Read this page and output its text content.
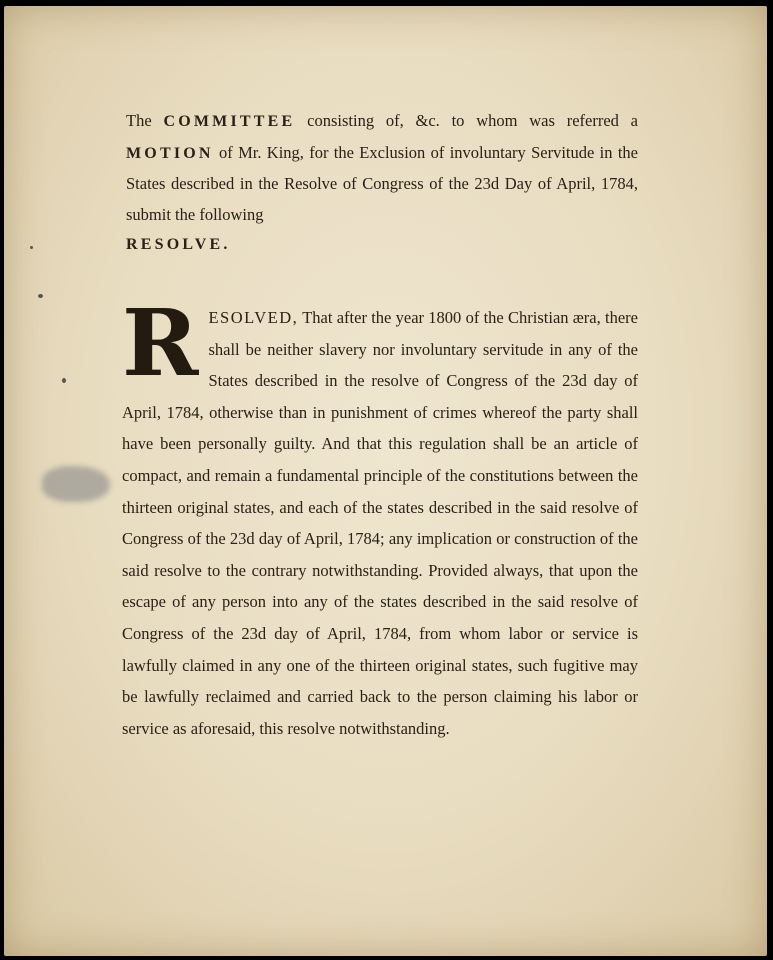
The COMMITTEE consisting of, &c. to whom was referred a MOTION of Mr. King, for the Exclusion of involuntary Servitude in the States described in the Resolve of Congress of the 23d Day of April, 1784, submit the following
RESOLVE.
RESOLVED, That after the year 1800 of the Christian æra, there shall be neither slavery nor involuntary servitude in any of the States described in the resolve of Congress of the 23d day of April, 1784, otherwise than in punishment of crimes whereof the party shall have been personally guilty. And that this regulation shall be an article of compact, and remain a fundamental principle of the constitutions between the thirteen original states, and each of the states described in the said resolve of Congress of the 23d day of April, 1784; any implication or construction of the said resolve to the contrary notwithstanding. Provided always, that upon the escape of any person into any of the states described in the said resolve of Congress of the 23d day of April, 1784, from whom labor or service is lawfully claimed in any one of the thirteen original states, such fugitive may be lawfully reclaimed and carried back to the person claiming his labor or service as aforesaid, this resolve notwithstanding.
